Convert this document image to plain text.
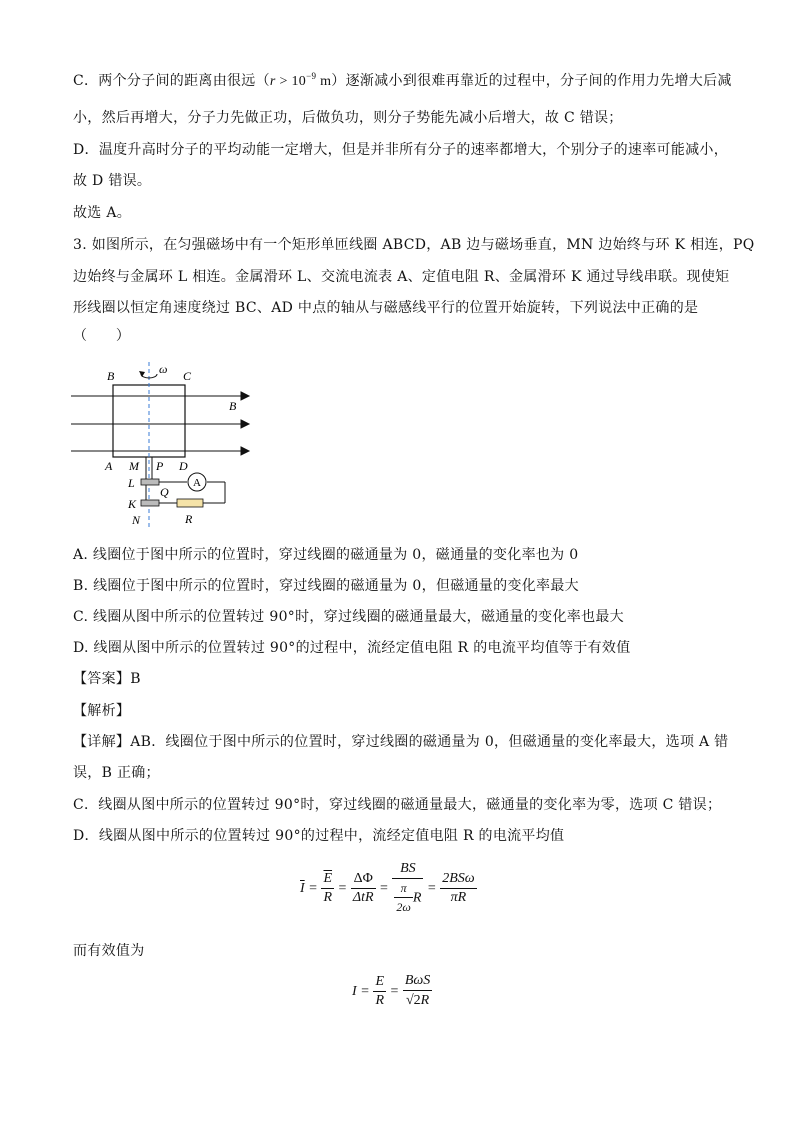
C．两个分子间的距离由很远（$r > 10^{-9}$ m）逐渐减小到很难再靠近的过程中，分子间的作用力先增大后减
小，然后再增大，分子力先做正功，后做负功，则分子势能先减小后增大，故 C 错误；
D．温度升高时分子的平均动能一定增大，但是并非所有分子的速率都增大，个别分子的速率可能减小，
故 D 错误。
故选 A。
3. 如图所示，在匀强磁场中有一个矩形单匝线圈 ABCD，AB 边与磁场垂直，MN 边始终与环 K 相连，PQ
边始终与金属环 L 相连。金属滑环 L、交流电流表 A、定值电阻 R、金属滑环 K 通过导线串联。现使矩
形线圈以恒定角速度绕过 BC、AD 中点的轴从与磁感线平行的位置开始旋转，下列说法中正确的是
（　　）
A
B	C
ω
B
A M P D
L
Q
K
N	R
A. 线圈位于图中所示的位置时，穿过线圈的磁通量为 0，磁通量的变化率也为 0
B. 线圈位于图中所示的位置时，穿过线圈的磁通量为 0，但磁通量的变化率最大
C. 线圈从图中所示的位置转过 90°时，穿过线圈的磁通量最大，磁通量的变化率也最大
D. 线圈从图中所示的位置转过 90°的过程中，流经定值电阻 R 的电流平均值等于有效值
【答案】B
【解析】
【详解】AB．线圈位于图中所示的位置时，穿过线圈的磁通量为 0，但磁通量的变化率最大，选项 A 错
误，B 正确；
C．线圈从图中所示的位置转过 90°时，穿过线圈的磁通量最大，磁通量的变化率为零，选项 C 错误；
D．线圈从图中所示的位置转过 90°的过程中，流经定值电阻 R 的电流平均值
$\overline{I} = \frac{\overline{E}}{R} = \frac{\Delta\Phi}{\text{ΔtR}} = \frac{BS}{\frac{\pi}{2\omega} R} = \frac{\text{2BSω}}{\pi R}$
而有效值为
$I = \frac{E}{R} = \frac{\text{BωS}}{√2R}$
